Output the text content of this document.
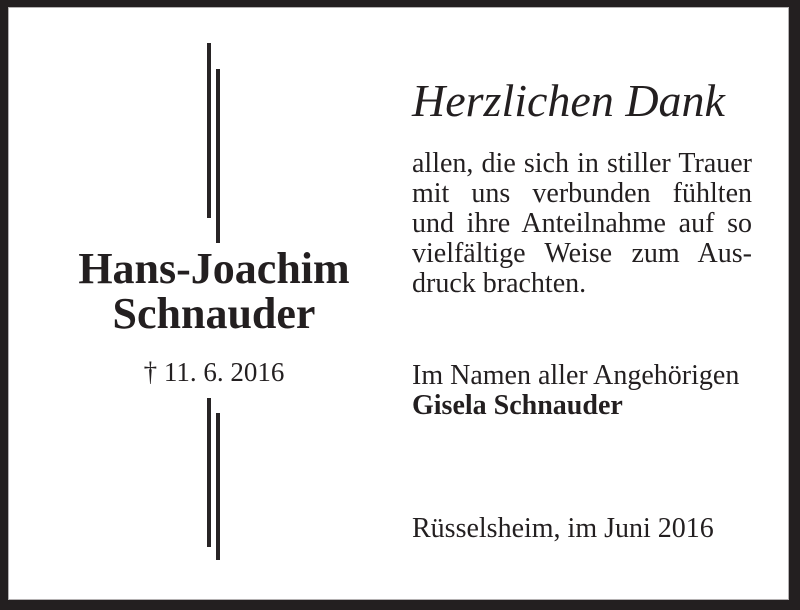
Hans-Joachim
Schnauder
† 11. 6. 2016
Herzlichen Dank
allen, die sich in stiller Trauer
mit uns verbunden fühlten
und ihre Anteilnahme auf so
vielfältige Weise zum Aus-
druck brachten.
Im Namen aller Angehörigen
Gisela Schnauder
Rüsselsheim, im Juni 2016
